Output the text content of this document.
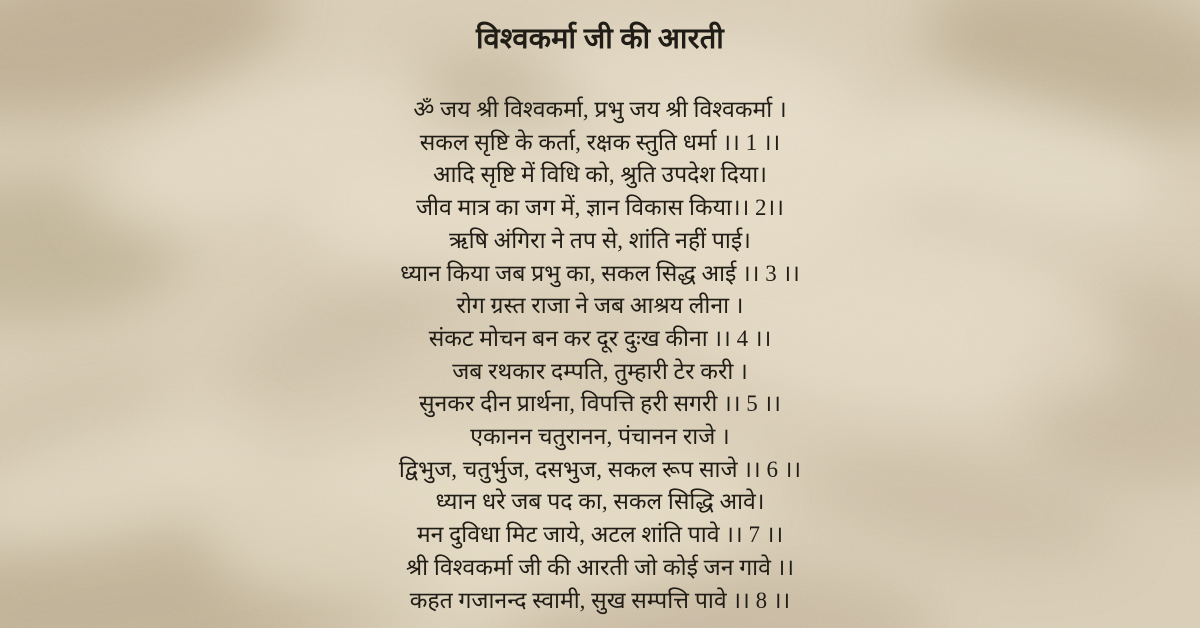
विश्वकर्मा जी की आरती
ॐ जय श्री विश्वकर्मा, प्रभु जय श्री विश्वकर्मा ।
सकल सृष्टि के कर्ता, रक्षक स्तुति धर्मा ।। 1 ।।
आदि सृष्टि में विधि को, श्रुति उपदेश दिया।
जीव मात्र का जग में, ज्ञान विकास किया।। 2।।
ऋषि अंगिरा ने तप से, शांति नहीं पाई।
ध्यान किया जब प्रभु का, सकल सिद्ध आई ।। 3 ।।
रोग ग्रस्त राजा ने जब आश्रय लीना ।
संकट मोचन बन कर दूर दुःख कीना ।। 4 ।।
जब रथकार दम्पति, तुम्हारी टेर करी ।
सुनकर दीन प्रार्थना, विपत्ति हरी सगरी ।। 5 ।।
एकानन चतुरानन, पंचानन राजे ।
द्विभुज, चतुर्भुज, दसभुज, सकल रूप साजे ।। 6 ।।
ध्यान धरे जब पद का, सकल सिद्धि आवे।
मन दुविधा मिट जाये, अटल शांति पावे ।। 7 ।।
श्री विश्वकर्मा जी की आरती जो कोई जन गावे ।।
कहत गजानन्द स्वामी, सुख सम्पत्ति पावे ।। 8 ।।
